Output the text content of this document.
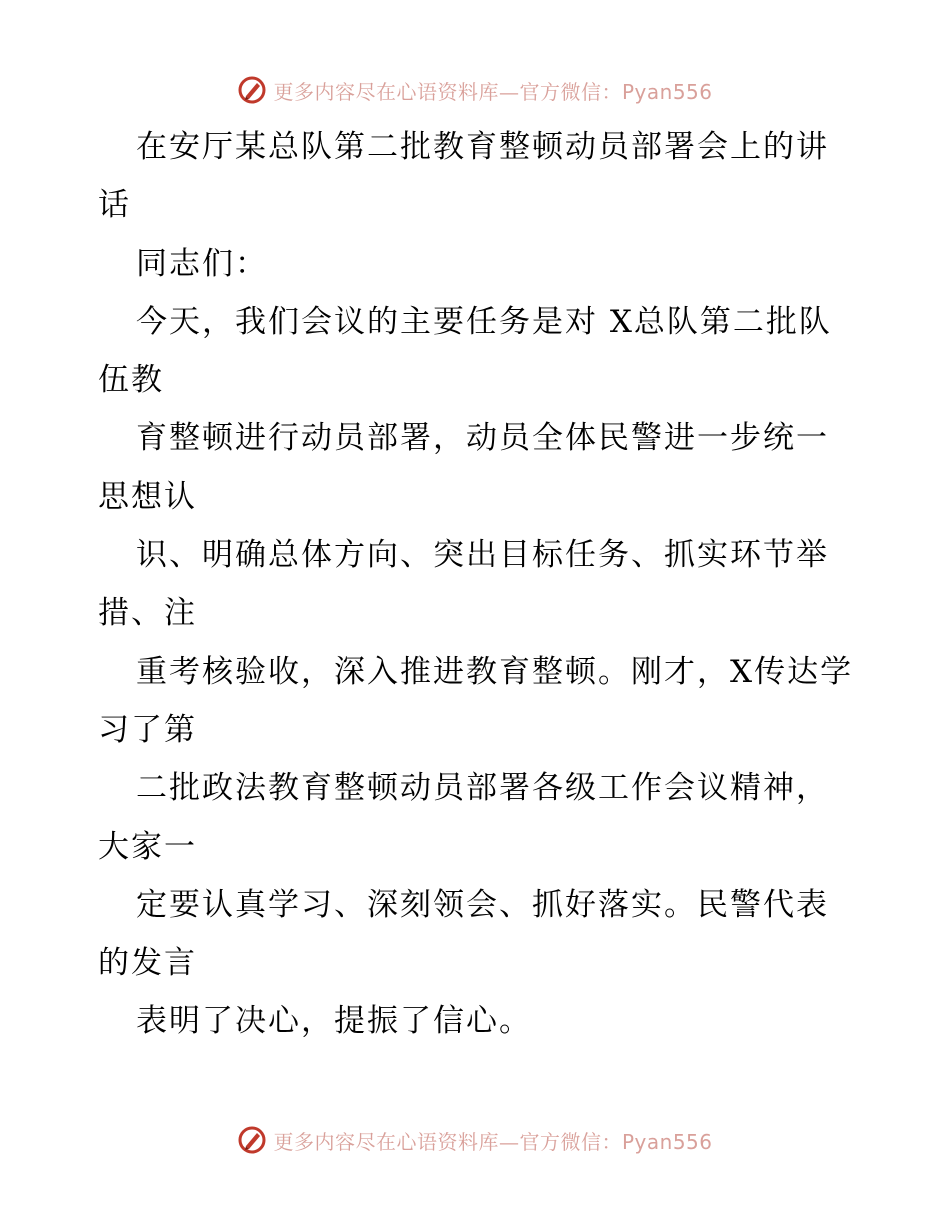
更多内容尽在心语资料库—官方微信：Pyan556

在安厅某总队第二批教育整顿动员部署会上的讲话

同志们：

今天，我们会议的主要任务是对 X总队第二批队伍教

育整顿进行动员部署，动员全体民警进一步统一思想认

识、明确总体方向、突出目标任务、抓实环节举措、注

重考核验收，深入推进教育整顿。刚才，X传达学习了第

二批政法教育整顿动员部署各级工作会议精神，大家一

定要认真学习、深刻领会、抓好落实。民警代表的发言

表明了决心，提振了信心。

更多内容尽在心语资料库—官方微信：Pyan556
